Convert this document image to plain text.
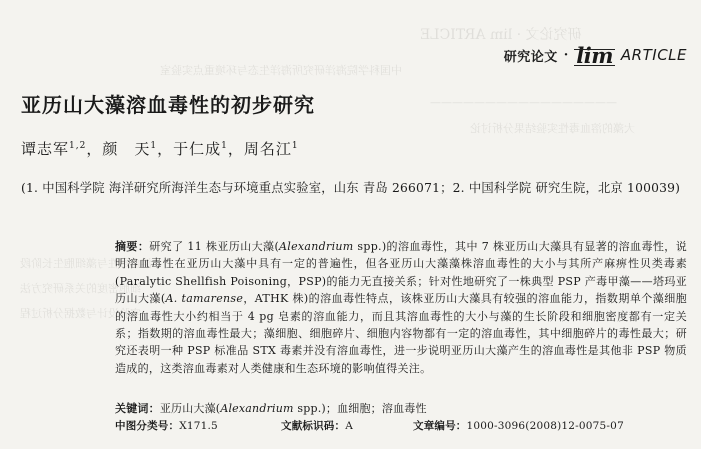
研究论文 · lim ARTICLE
中国科学院海洋研究所海洋生态与环境重点实验室
—————————————————
大藻的溶血毒性实验结果分析讨论
溶血毒性与藻细胞生长阶段
细胞密度的关系研究方法
实验设计与数据分析过程
研究论文 · lim ARTICLE
亚历山大藻溶血毒性的初步研究
谭志军$^{1,2}$，颜　天$^1$，于仁成$^1$，周名江$^1$
(1. 中国科学院 海洋研究所海洋生态与环境重点实验室，山东 青岛 266071；2. 中国科学院 研究生院，北京 100039)
摘要：研究了 11 株亚历山大藻(Alexandrium spp.)的溶血毒性，其中 7 株亚历山大藻具有显著的溶血毒性，说明溶血毒性在亚历山大藻中具有一定的普遍性，但各亚历山大藻藻株溶血毒性的大小与其所产麻痹性贝类毒素(Paralytic Shellfish Poisoning，PSP)的能力无直接关系；针对性地研究了一株典型 PSP 产毒甲藻——塔玛亚历山大藻(A. tamarense，ATHK 株)的溶血毒性特点，该株亚历山大藻具有较强的溶血能力，指数期单个藻细胞的溶血毒性大小约相当于 4 pg 皂素的溶血能力，而且其溶血毒性的大小与藻的生长阶段和细胞密度都有一定关系；指数期的溶血毒性最大；藻细胞、细胞碎片、细胞内容物都有一定的溶血毒性，其中细胞碎片的毒性最大；研究还表明一种 PSP 标准品 STX 毒素并没有溶血毒性，进一步说明亚历山大藻产生的溶血毒性是其他非 PSP 物质造成的，这类溶血毒素对人类健康和生态环境的影响值得关注。
关键词：亚历山大藻(Alexandrium spp.)；血细胞；溶血毒性
中图分类号：X171.5	文献标识码：A	文章编号：1000-3096(2008)12-0075-07
